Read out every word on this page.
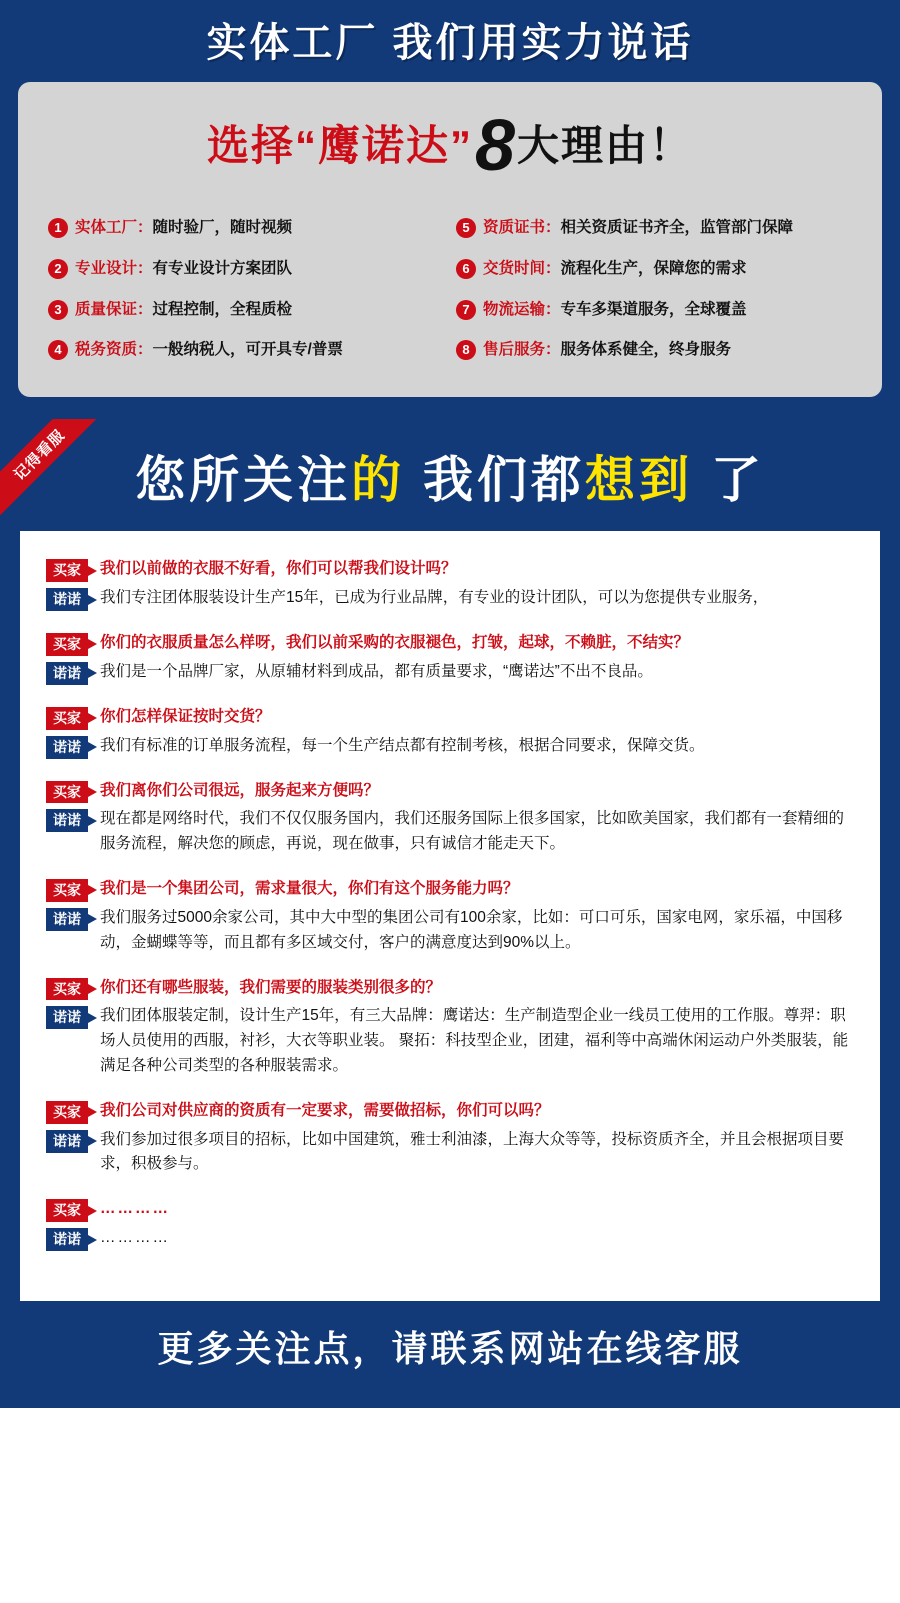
实体工厂 我们用实力说话
选择“鹰诺达”8大理由！
1 实体工厂：随时验厂，随时视频	5 资质证书：相关资质证书齐全，监管部门保障
2 专业设计：有专业设计方案团队	6 交货时间：流程化生产，保障您的需求
3 质量保证：过程控制，全程质检	7 物流运输：专车多渠道服务，全球覆盖
4 税务资质：一般纳税人，可开具专/普票	8 售后服务：服务体系健全，终身服务
记得看服	您所关注的 我们都想到 了
买家	我们以前做的衣服不好看，你们可以帮我们设计吗？
诺诺	我们专注团体服装设计生产15年，已成为行业品牌，有专业的设计团队，可以为您提供专业服务，
买家	你们的衣服质量怎么样呀，我们以前采购的衣服褪色，打皱，起球，不赖脏，不结实？
诺诺	我们是一个品牌厂家，从原辅材料到成品，都有质量要求，“鹰诺达”不出不良品。
买家	你们怎样保证按时交货？
诺诺	我们有标准的订单服务流程，每一个生产结点都有控制考核，根据合同要求，保障交货。
买家	我们离你们公司很远，服务起来方便吗？
诺诺	现在都是网络时代，我们不仅仅服务国内，我们还服务国际上很多国家，比如欧美国家，我们都有一套精细的服务流程，解决您的顾虑，再说，现在做事，只有诚信才能走天下。
买家	我们是一个集团公司，需求量很大，你们有这个服务能力吗？
诺诺	我们服务过5000余家公司，其中大中型的集团公司有100余家，比如：可口可乐，国家电网，家乐福，中国移动，金蝴蝶等等，而且都有多区域交付，客户的满意度达到90%以上。
买家	你们还有哪些服装，我们需要的服装类别很多的？
诺诺	我们团体服装定制，设计生产15年，有三大品牌：鹰诺达：生产制造型企业一线员工使用的工作服。尊羿：职场人员使用的西服，衬衫，大衣等职业装。 聚拓：科技型企业，团建，福利等中高端休闲运动户外类服装，能满足各种公司类型的各种服装需求。
买家	我们公司对供应商的资质有一定要求，需要做招标，你们可以吗？
诺诺	我们参加过很多项目的招标，比如中国建筑，雅士利油漆，上海大众等等，投标资质齐全，并且会根据项目要求，积极参与。
买家	…………
诺诺	…………
更多关注点，请联系网站在线客服
